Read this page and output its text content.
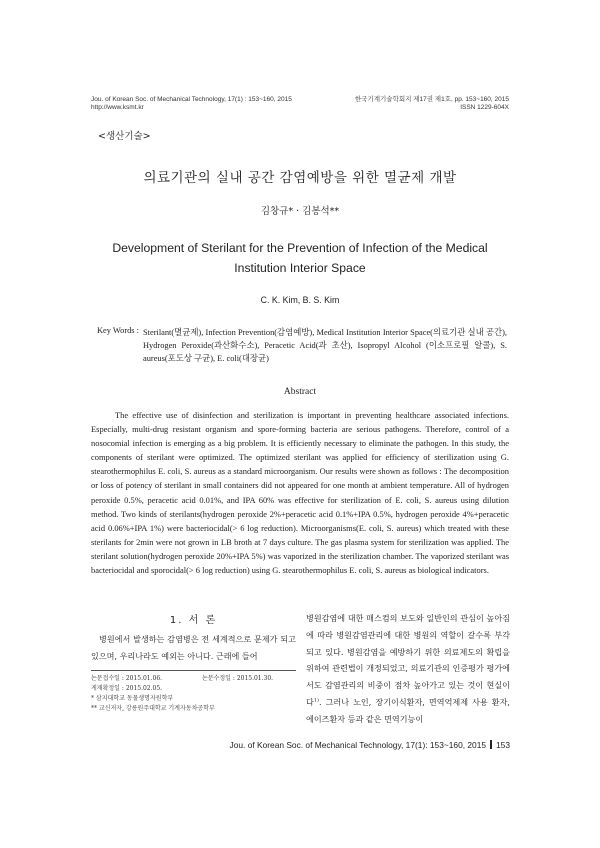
Jou. of Korean Soc. of Mechanical Technology, 17(1) : 153~160, 2015
http://www.ksmt.kr
한국기계기술학회지 제17권 제1호, pp. 153~160, 2015
ISSN 1229-604X
<생산기술>
의료기관의 실내 공간 감염예방을 위한 멸균제 개발
김창규* · 김봉석**
Development of Sterilant for the Prevention of Infection of the Medical Institution Interior Space
C. K. Kim, B. S. Kim
Key Words : Sterilant(멸균제), Infection Prevention(감염예방), Medical Institution Interior Space(의료기관 실내 공간), Hydrogen Peroxide(과산화수소), Peracetic Acid(과 초산), Isopropyl Alcohol (이소프로필 알콜), S. aureus(포도상 구균), E. coli(대장균)
Abstract

The effective use of disinfection and sterilization is important in preventing healthcare associated infections. Especially, multi-drug resistant organism and spore-forming bacteria are serious pathogens. Therefore, control of a nosocomial infection is emerging as a big problem. It is efficiently necessary to eliminate the pathogen. In this study, the components of sterilant were optimized. The optimized sterilant was applied for efficiency of sterilization using G. stearothermophilus E. coli, S. aureus as a standard microorganism. Our results were shown as follows : The decomposition or loss of potency of sterilant in small containers did not appeared for one month at ambient temperature. All of hydrogen peroxide 0.5%, peracetic acid 0.01%, and IPA 60% was effective for sterilization of E. coli, S. aureus using dilution method. Two kinds of sterilants(hydrogen peroxide 2%+peracetic acid 0.1%+IPA 0.5%, hydrogen peroxide 4%+peracetic acid 0.06%+IPA 1%) were bacteriocidal(> 6 log reduction). Microorganisms(E. coli, S. aureus) which treated with these sterilants for 2min were not grown in LB broth at 7 days culture. The gas plasma system for sterilization was applied. The sterilant solution(hydrogen peroxide 20%+IPA 5%) was vaporized in the sterilization chamber. The vaporized sterilant was bacteriocidal and sporocidal(> 6 log reduction) using G. stearothermophilus E. coli, S. aureus as biological indicators.

1. 서 론

병원에서 발생하는 감염병은 전 세계적으로 문제가 되고 있으며, 우리나라도 예외는 아니다. 근래에 들어

병원감염에 대한 매스컴의 보도와 일반인의 관심이 높아짐에 따라 병원감염관리에 대한 병원의 역할이 갈수록 부각되고 있다. 병원감염을 예방하기 위한 의료제도의 확립을 위하여 관련법이 개정되었고, 의료기관의 인증평가 평가에서도 감염관리의 비중이 점차 높아가고 있는 것이 현실이다$^{1)}$. 그러나 노인, 장기이식환자, 면역억제제 사용 환자, 에이즈환자 등과 같은 면역기능이

논문접수일 : 2015.01.06.	논문수정일 : 2015.01.30.
게재확정일 : 2015.02.05.
* 삼지대학교 동물생명자원학부
** 교신저자, 강릉원주대학교 기계자동차공학부
Jou. of Korean Soc. of Mechanical Technology, 17(1): 153~160, 2015 153
